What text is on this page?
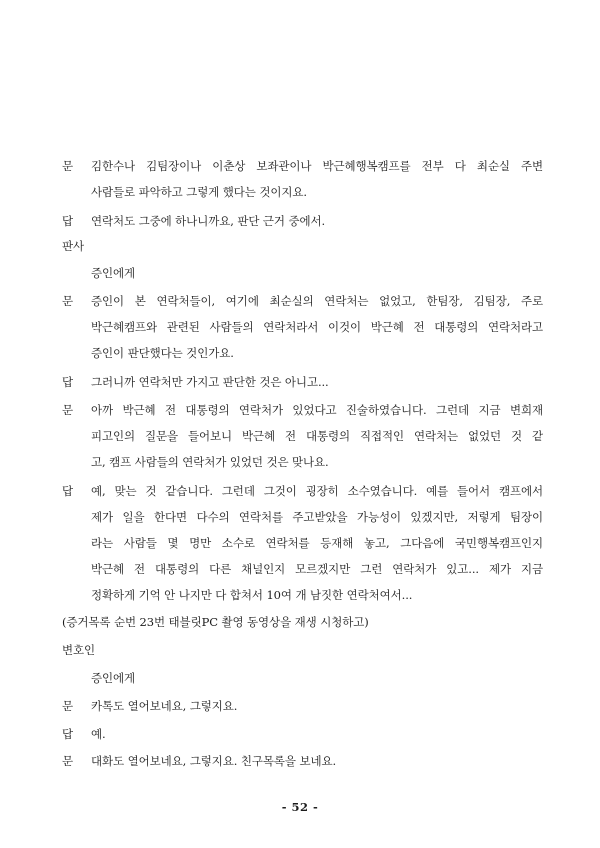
문 김한수나 김팀장이나 이춘상 보좌관이나 박근혜행복캠프를 전부 다 최순실 주변
사람들로 파악하고 그렇게 했다는 것이지요.
답 연락처도 그중에 하나니까요, 판단 근거 중에서.
판사
증인에게
문 증인이 본 연락처들이, 여기에 최순실의 연락처는 없었고, 한팀장, 김팀장, 주로
박근혜캠프와 관련된 사람들의 연락처라서 이것이 박근혜 전 대통령의 연락처라고
증인이 판단했다는 것인가요.
답 그러니까 연락처만 가지고 판단한 것은 아니고...
문 아까 박근혜 전 대통령의 연락처가 있었다고 진술하였습니다. 그런데 지금 변희재
피고인의 질문을 들어보니 박근혜 전 대통령의 직접적인 연락처는 없었던 것 같
고, 캠프 사람들의 연락처가 있었던 것은 맞나요.
답 예, 맞는 것 같습니다. 그런데 그것이 굉장히 소수였습니다. 예를 들어서 캠프에서
제가 일을 한다면 다수의 연락처를 주고받았을 가능성이 있겠지만, 저렇게 팀장이
라는 사람들 몇 명만 소수로 연락처를 등재해 놓고, 그다음에 국민행복캠프인지
박근혜 전 대통령의 다른 채널인지 모르겠지만 그런 연락처가 있고... 제가 지금
정확하게 기억 안 나지만 다 합쳐서 10여 개 남짓한 연락처여서...
(증거목록 순번 23번 태블릿PC 촬영 동영상을 재생 시청하고)
변호인
증인에게
문 카톡도 열어보네요, 그렇지요.
답 예.
문 대화도 열어보네요, 그렇지요. 친구목록을 보네요.
- 52 -
